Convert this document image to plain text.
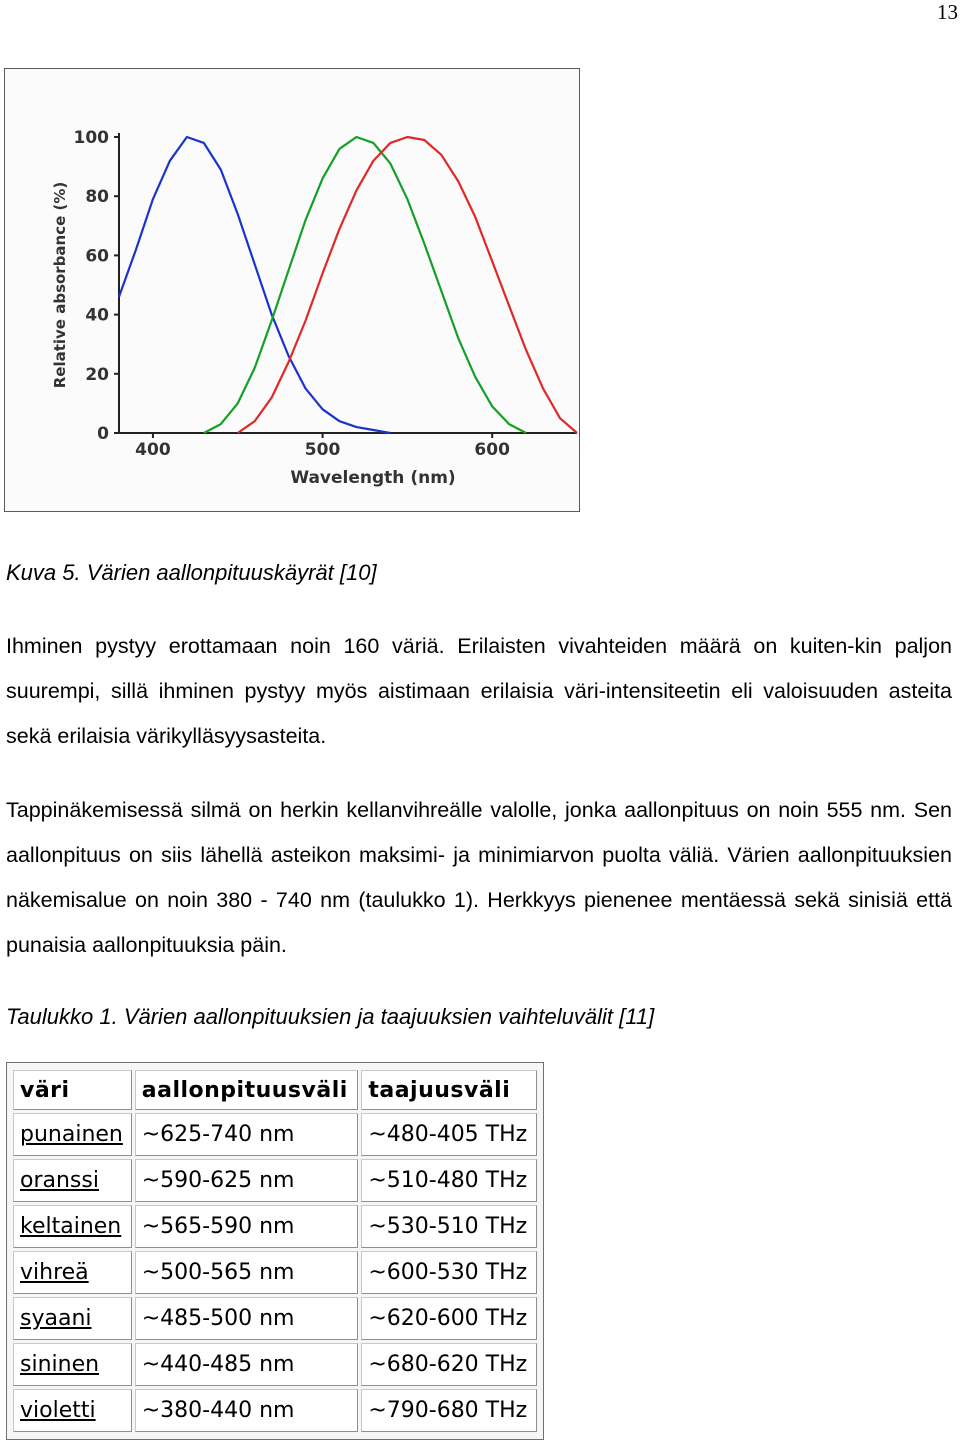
13
0
20
40
60
80
100
400	500	600
Wavelength (nm)
Relative absorbance (%)
Kuva 5. Värien aallonpituuskäyrät [10]

Ihminen pystyy erottamaan noin 160 väriä. Erilaisten vivahteiden määrä on kuiten-kin paljon suurempi, sillä ihminen pystyy myös aistimaan erilaisia väri-intensiteetin eli valoisuuden asteita sekä erilaisia värikylläsyysasteita.

Tappinäkemisessä silmä on herkin kellanvihreälle valolle, jonka aallonpituus on noin 555 nm. Sen aallonpituus on siis lähellä asteikon maksimi- ja minimiarvon puolta väliä. Värien aallonpituuksien näkemisalue on noin 380 - 740 nm (taulukko 1). Herkkyys pienenee mentäessä sekä sinisiä että punaisia aallonpituuksia päin.

Taulukko 1. Värien aallonpituuksien ja taajuuksien vaihteluvälit [11]
väri	aallonpituusväli	taajuusväli
punainen	~625-740 nm	~480-405 THz
oranssi	~590-625 nm	~510-480 THz
keltainen	~565-590 nm	~530-510 THz
vihreä	~500-565 nm	~600-530 THz
syaani	~485-500 nm	~620-600 THz
sininen	~440-485 nm	~680-620 THz
violetti	~380-440 nm	~790-680 THz
